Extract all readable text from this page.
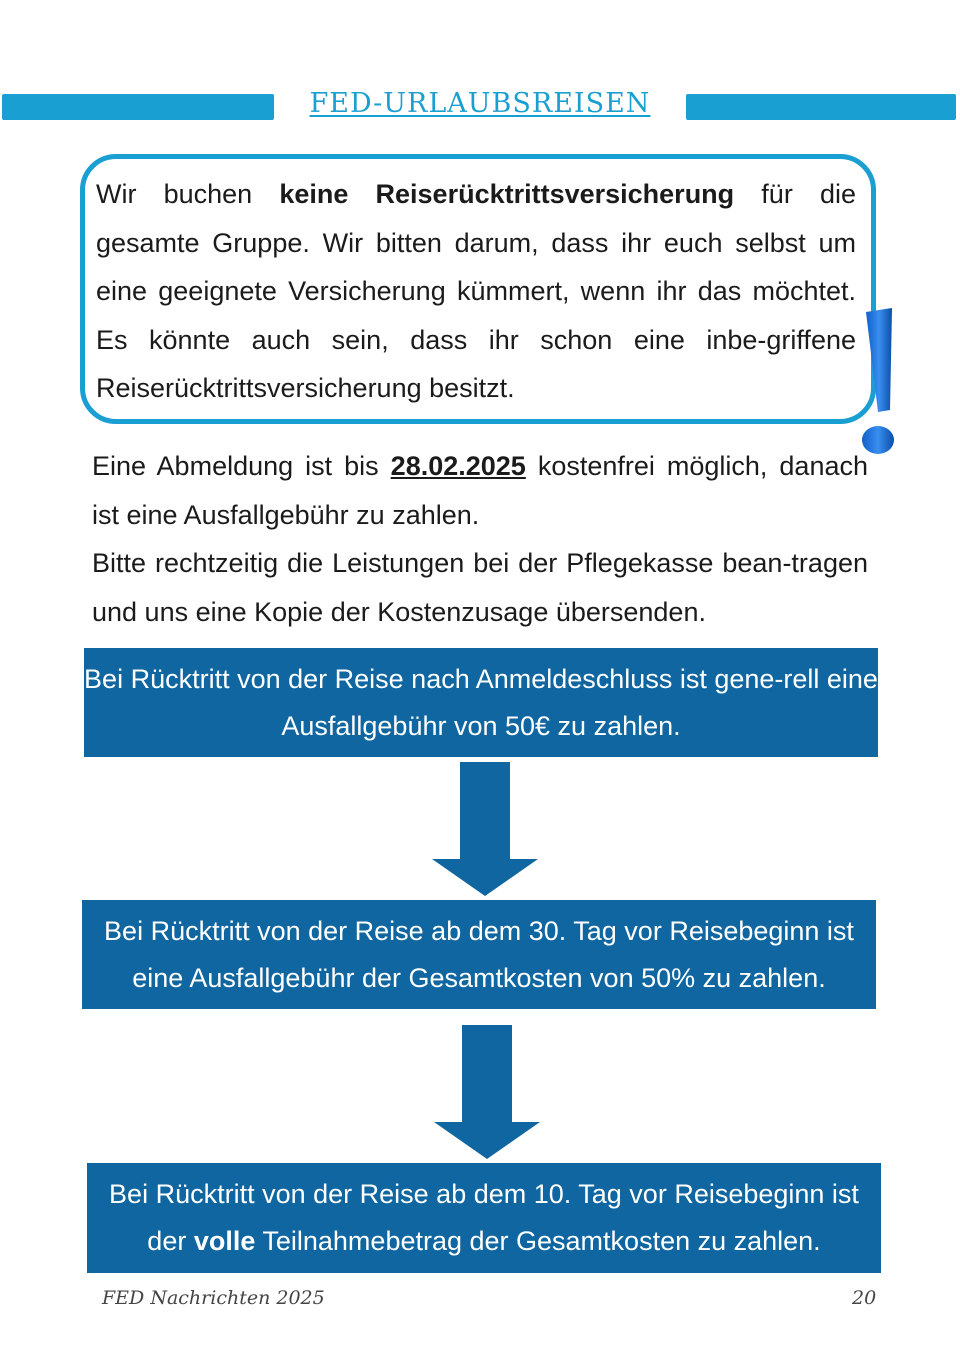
FED-URLAUBSREISEN
Wir buchen keine Reiserücktrittsversicherung für die gesamte Gruppe. Wir bitten darum, dass ihr euch selbst um eine geeignete Versicherung kümmert, wenn ihr das möchtet. Es könnte auch sein, dass ihr schon eine inbe-griffene Reiserücktrittsversicherung besitzt.
Eine Abmeldung ist bis 28.02.2025 kostenfrei möglich, danach ist eine Ausfallgebühr zu zahlen.
Bitte rechtzeitig die Leistungen bei der Pflegekasse bean-tragen und uns eine Kopie der Kostenzusage übersenden.
Bei Rücktritt von der Reise nach Anmeldeschluss ist gene-rell eine Ausfallgebühr von 50€ zu zahlen.
Bei Rücktritt von der Reise ab dem 30. Tag vor Reisebeginn ist eine Ausfallgebühr der Gesamtkosten von 50% zu zahlen.
Bei Rücktritt von der Reise ab dem 10. Tag vor Reisebeginn ist der volle Teilnahmebetrag der Gesamtkosten zu zahlen.
FED Nachrichten 2025	20
